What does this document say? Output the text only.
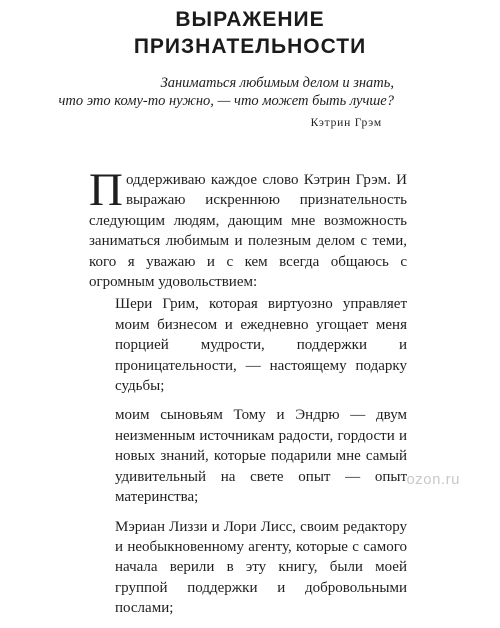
ВЫРАЖЕНИЕ
ПРИЗНАТЕЛЬНОСТИ
Заниматься любимым делом и знать,
что это кому-то нужно, — что может быть лучше?
Кэтрин Грэм

Поддерживаю каждое слово Кэтрин Грэм. И выражаю искреннюю признательность следующим людям, дающим мне возможность заниматься любимым и полезным делом с теми, кого я уважаю и с кем всегда общаюсь с огромным удовольствием:

Шери Грим, которая виртуозно управляет моим бизнесом и ежедневно угощает меня порцией мудрости, поддержки и проницательности, — настоящему подарку судьбы;

моим сыновьям Тому и Эндрю — двум неизменным источникам радости, гордости и новых знаний, которые подарили мне самый удивительный на свете опыт — опыт материнства;

Мэриан Лиззи и Лори Лисс, своим редактору и необыкновенному агенту, которые с самого начала верили в эту книгу, были моей группой поддержки и добровольными послами;

ozon.ru
